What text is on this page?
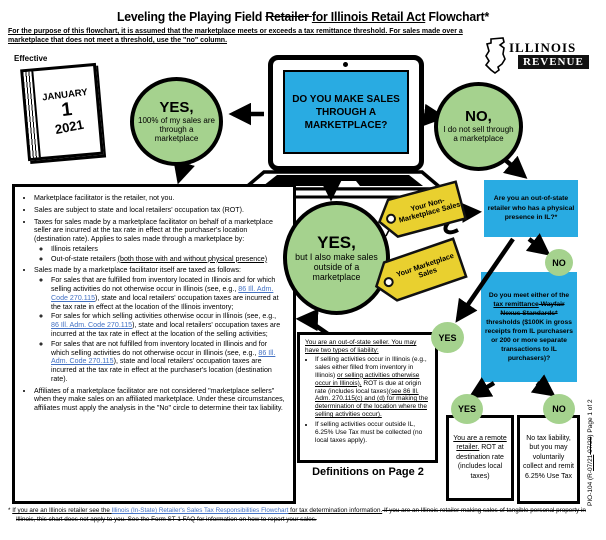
Leveling the Playing Field Retailer for Illinois Retail Act Flowchart*
For the purpose of this flowchart, it is assumed that the marketplace meets or exceeds a tax remittance threshold. For sales made over a marketplace that does not meet a threshold, use the "no" column.	ILLINOIS
REVENUE
Effective
JANUARY
1
2021
DO YOU MAKE SALES THROUGH A MARKETPLACE?
YES,
100% of my sales are through a marketplace
NO,
I do not sell through a marketplace
YES,
but I also make sales outside of a marketplace
Your Non-Marketplace Sales
Your Marketplace Sales
Are you an out-of-state retailer who has a physical presence in IL?*
Do you meet either of the tax remittance Wayfair Nexus Standards* thresholds ($100K in gross receipts from IL purchasers or 200 or more separate transactions to IL purchasers)?
NO
YES
YES	NO
You are a remote retailer. ROT at destination rate (includes local taxes)
No tax liability, but you may voluntarily collect and remit 6.25% Use Tax
• Marketplace facilitator is the retailer, not you.
• Sales are subject to state and local retailers' occupation tax (ROT).
• Taxes for sales made by a marketplace facilitator on behalf of a marketplace seller are incurred at the tax rate in effect at the purchaser's location (destination rate). Applies to sales made through a marketplace by:
◦ Illinois retailers
◦ Out-of-state retailers (both those with and without physical presence)
• Sales made by a marketplace facilitator itself are taxed as follows:
◦ For sales that are fulfilled from inventory located in Illinois and for which selling activities do not otherwise occur in Illinois (see, e.g., 86 Ill. Adm. Code 270.115), state and local retailers' occupation taxes are incurred at the tax rate in effect at the location of the Illinois inventory;
◦ For sales for which selling activities otherwise occur in Illinois (see, e.g., 86 Ill. Adm. Code 270.115), state and local retailers' occupation taxes are incurred at the tax rate in effect at the location of the selling activities;
◦ For sales that are not fulfilled from inventory located in Illinois and for which selling activities do not otherwise occur in Illinois (see, e.g., 86 Ill. Adm. Code 270.115), state and local retailers' occupation taxes are incurred at the tax rate in effect at the purchaser's location (destination rate).
• Affiliates of a marketplace facilitator are not considered "marketplace sellers" when they make sales on an affiliated marketplace. Under these circumstances, affiliates must apply the analysis in the "No" circle to determine their tax liability.
You are an out-of-state seller. You may have two types of liability:
• If selling activities occur in Illinois (e.g., sales either filled from inventory in Illinois) or selling activities otherwise occur in Illinois), ROT is due at origin rate (includes local taxes)(see 86 Ill. Adm. 270.115(c) and (d) for making the determination of the location where the selling activities occur).
• If selling activities occur outside IL, 6.25% Use Tax must be collected (no local taxes apply).
Definitions on Page 2
* If you are an Illinois retailer see the Illinois (In-State) Retailer's Sales Tax Responsibilities Flowchart for tax determination information. If you are an Illinois retailer making sales of tangible personal property in Illinois, this chart does not apply to you. See the Form ST-1 FAQ for information on how to report your sales.
PIO-104 (R-07/21 07/20) Page 1 of 2
